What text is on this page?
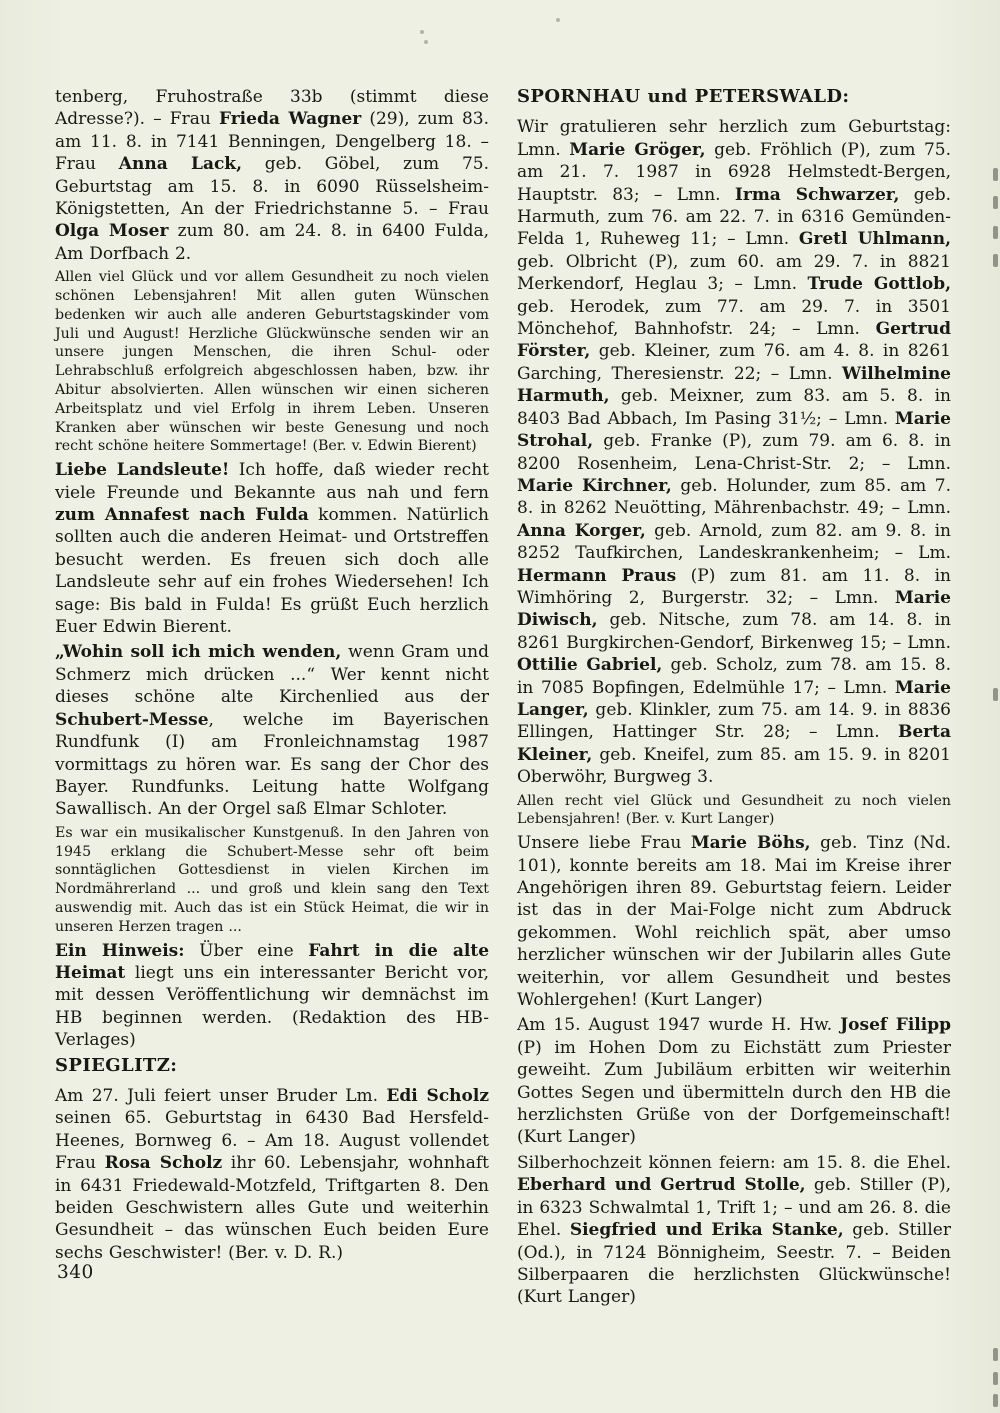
tenberg, Fruhostraße 33b (stimmt diese Adresse?). – Frau Frieda Wagner (29), zum 83. am 11. 8. in 7141 Benningen, Dengelberg 18. – Frau Anna Lack, geb. Göbel, zum 75. Geburtstag am 15. 8. in 6090 Rüsselsheim-Königstetten, An der Friedrichstanne 5. – Frau Olga Moser zum 80. am 24. 8. in 6400 Fulda, Am Dorfbach 2.

Allen viel Glück und vor allem Gesundheit zu noch vielen schönen Lebensjahren! Mit allen guten Wünschen bedenken wir auch alle anderen Geburtstagskinder vom Juli und August! Herzliche Glückwünsche senden wir an unsere jungen Menschen, die ihren Schul- oder Lehrabschluß erfolgreich abgeschlossen haben, bzw. ihr Abitur absolvierten. Allen wünschen wir einen sicheren Arbeitsplatz und viel Erfolg in ihrem Leben. Unseren Kranken aber wünschen wir beste Genesung und noch recht schöne heitere Sommertage! (Ber. v. Edwin Bierent)

Liebe Landsleute! Ich hoffe, daß wieder recht viele Freunde und Bekannte aus nah und fern zum Annafest nach Fulda kommen. Natürlich sollten auch die anderen Heimat- und Ortstreffen besucht werden. Es freuen sich doch alle Landsleute sehr auf ein frohes Wiedersehen! Ich sage: Bis bald in Fulda! Es grüßt Euch herzlich Euer Edwin Bierent.

„Wohin soll ich mich wenden, wenn Gram und Schmerz mich drücken ...“ Wer kennt nicht dieses schöne alte Kirchenlied aus der Schubert-Messe, welche im Bayerischen Rundfunk (I) am Fronleichnamstag 1987 vormittags zu hören war. Es sang der Chor des Bayer. Rundfunks. Leitung hatte Wolfgang Sawallisch. An der Orgel saß Elmar Schloter.

Es war ein musikalischer Kunstgenuß. In den Jahren von 1945 erklang die Schubert-Messe sehr oft beim sonntäglichen Gottesdienst in vielen Kirchen im Nordmährerland ... und groß und klein sang den Text auswendig mit. Auch das ist ein Stück Heimat, die wir in unseren Herzen tragen ...

Ein Hinweis: Über eine Fahrt in die alte Heimat liegt uns ein interessanter Bericht vor, mit dessen Veröffentlichung wir demnächst im HB beginnen werden. (Redaktion des HB-Verlages)

SPIEGLITZ:

Am 27. Juli feiert unser Bruder Lm. Edi Scholz seinen 65. Geburtstag in 6430 Bad Hersfeld-Heenes, Bornweg 6. – Am 18. August vollendet Frau Rosa Scholz ihr 60. Lebensjahr, wohnhaft in 6431 Friedewald-Motzfeld, Triftgarten 8. Den beiden Geschwistern alles Gute und weiterhin Gesundheit – das wünschen Euch beiden Eure sechs Geschwister! (Ber. v. D. R.)

SPORNHAU und PETERSWALD:

Wir gratulieren sehr herzlich zum Geburtstag: Lmn. Marie Gröger, geb. Fröhlich (P), zum 75. am 21. 7. 1987 in 6928 Helmstedt-Bergen, Hauptstr. 83; – Lmn. Irma Schwarzer, geb. Harmuth, zum 76. am 22. 7. in 6316 Gemünden-Felda 1, Ruheweg 11; – Lmn. Gretl Uhlmann, geb. Olbricht (P), zum 60. am 29. 7. in 8821 Merkendorf, Heglau 3; – Lmn. Trude Gottlob, geb. Herodek, zum 77. am 29. 7. in 3501 Mönchehof, Bahnhofstr. 24; – Lmn. Gertrud Förster, geb. Kleiner, zum 76. am 4. 8. in 8261 Garching, Theresienstr. 22; – Lmn. Wilhelmine Harmuth, geb. Meixner, zum 83. am 5. 8. in 8403 Bad Abbach, Im Pasing 31½; – Lmn. Marie Strohal, geb. Franke (P), zum 79. am 6. 8. in 8200 Rosenheim, Lena-Christ-Str. 2; – Lmn. Marie Kirchner, geb. Holunder, zum 85. am 7. 8. in 8262 Neuötting, Mährenbachstr. 49; – Lmn. Anna Korger, geb. Arnold, zum 82. am 9. 8. in 8252 Taufkirchen, Landeskrankenheim; – Lm. Hermann Praus (P) zum 81. am 11. 8. in Wimhöring 2, Burgerstr. 32; – Lmn. Marie Diwisch, geb. Nitsche, zum 78. am 14. 8. in 8261 Burgkirchen-Gendorf, Birkenweg 15; – Lmn. Ottilie Gabriel, geb. Scholz, zum 78. am 15. 8. in 7085 Bopfingen, Edelmühle 17; – Lmn. Marie Langer, geb. Klinkler, zum 75. am 14. 9. in 8836 Ellingen, Hattinger Str. 28; – Lmn. Berta Kleiner, geb. Kneifel, zum 85. am 15. 9. in 8201 Oberwöhr, Burgweg 3.

Allen recht viel Glück und Gesundheit zu noch vielen Lebensjahren! (Ber. v. Kurt Langer)

Unsere liebe Frau Marie Böhs, geb. Tinz (Nd. 101), konnte bereits am 18. Mai im Kreise ihrer Angehörigen ihren 89. Geburtstag feiern. Leider ist das in der Mai-Folge nicht zum Abdruck gekommen. Wohl reichlich spät, aber umso herzlicher wünschen wir der Jubilarin alles Gute weiterhin, vor allem Gesundheit und bestes Wohlergehen! (Kurt Langer)

Am 15. August 1947 wurde H. Hw. Josef Filipp (P) im Hohen Dom zu Eichstätt zum Priester geweiht. Zum Jubiläum erbitten wir weiterhin Gottes Segen und übermitteln durch den HB die herzlichsten Grüße von der Dorfgemeinschaft! (Kurt Langer)

Silberhochzeit können feiern: am 15. 8. die Ehel. Eberhard und Gertrud Stolle, geb. Stiller (P), in 6323 Schwalmtal 1, Trift 1; – und am 26. 8. die Ehel. Siegfried und Erika Stanke, geb. Stiller (Od.), in 7124 Bönnigheim, Seestr. 7. – Beiden Silberpaaren die herzlichsten Glückwünsche! (Kurt Langer)

340
